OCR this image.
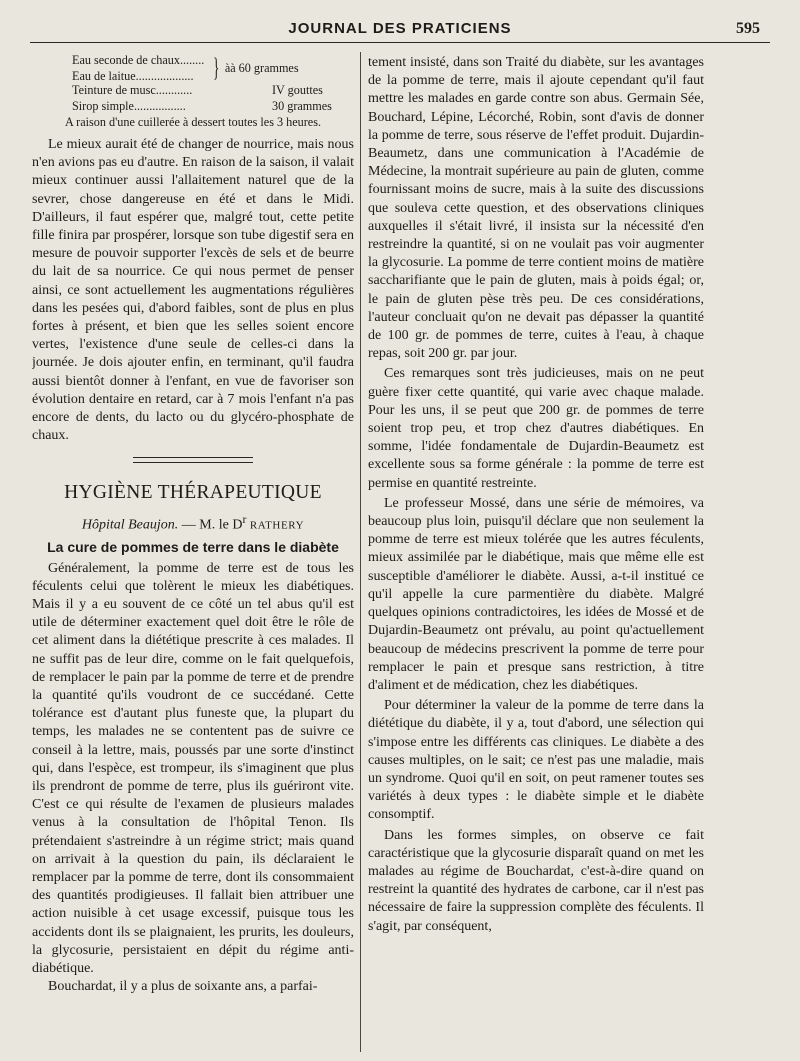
JOURNAL DES PRATICIENS	595
Eau seconde de chaux........
Eau de laitue................... } àà 60 grammes
Teinture de musc............	IV gouttes
Sirop simple.................	30 grammes
A raison d'une cuillerée à dessert toutes les 3 heures.

Le mieux aurait été de changer de nourrice, mais nous n'en avions pas eu d'autre. En raison de la saison, il valait mieux continuer aussi l'allaitement naturel que de la sevrer, chose dangereuse en été et dans le Midi. D'ailleurs, il faut espérer que, malgré tout, cette petite fille finira par prospérer, lorsque son tube digestif sera en mesure de pouvoir supporter l'excès de sels et de beurre du lait de sa nourrice. Ce qui nous permet de penser ainsi, ce sont actuellement les augmentations régulières dans les pesées qui, d'abord faibles, sont de plus en plus fortes à présent, et bien que les selles soient encore vertes, l'existence d'une seule de celles-ci dans la journée. Je dois ajouter enfin, en terminant, qu'il faudra aussi bientôt donner à l'enfant, en vue de favoriser son évolution dentaire en retard, car à 7 mois l'enfant n'a pas encore de dents, du lacto ou du glycéro-phosphate de chaux.

HYGIÈNE THÉRAPEUTIQUE
Hôpital Beaujon. — M. le $D^r$ RATHERY
La cure de pommes de terre dans le diabète

Généralement, la pomme de terre est de tous les féculents celui que tolèrent le mieux les diabétiques. Mais il y a eu souvent de ce côté un tel abus qu'il est utile de déterminer exactement quel doit être le rôle de cet aliment dans la diététique prescrite à ces malades. Il ne suffit pas de leur dire, comme on le fait quelquefois, de remplacer le pain par la pomme de terre et de prendre la quantité qu'ils voudront de ce succédané. Cette tolérance est d'autant plus funeste que, la plupart du temps, les malades ne se contentent pas de suivre ce conseil à la lettre, mais, poussés par une sorte d'instinct qui, dans l'espèce, est trompeur, ils s'imaginent que plus ils prendront de pomme de terre, plus ils guériront vite. C'est ce qui résulte de l'examen de plusieurs malades venus à la consultation de l'hôpital Tenon. Ils prétendaient s'astreindre à un régime strict; mais quand on arrivait à la question du pain, ils déclaraient le remplacer par la pomme de terre, dont ils consommaient des quantités prodigieuses. Il fallait bien attribuer une action nuisible à cet usage excessif, puisque tous les accidents dont ils se plaignaient, les prurits, les douleurs, la glycosurie, persistaient en dépit du régime anti-diabétique.

Bouchardat, il y a plus de soixante ans, a parfai-

tement insisté, dans son Traité du diabète, sur les avantages de la pomme de terre, mais il ajoute cependant qu'il faut mettre les malades en garde contre son abus. Germain Sée, Bouchard, Lépine, Lécorché, Robin, sont d'avis de donner la pomme de terre, sous réserve de l'effet produit. Dujardin-Beaumetz, dans une communication à l'Académie de Médecine, la montrait supérieure au pain de gluten, comme fournissant moins de sucre, mais à la suite des discussions que souleva cette question, et des observations cliniques auxquelles il s'était livré, il insista sur la nécessité d'en restreindre la quantité, si on ne voulait pas voir augmenter la glycosurie. La pomme de terre contient moins de matière saccharifiante que le pain de gluten, mais à poids égal; or, le pain de gluten pèse très peu. De ces considérations, l'auteur concluait qu'on ne devait pas dépasser la quantité de 100 gr. de pommes de terre, cuites à l'eau, à chaque repas, soit 200 gr. par jour.

Ces remarques sont très judicieuses, mais on ne peut guère fixer cette quantité, qui varie avec chaque malade. Pour les uns, il se peut que 200 gr. de pommes de terre soient trop peu, et trop chez d'autres diabétiques. En somme, l'idée fondamentale de Dujardin-Beaumetz est excellente sous sa forme générale : la pomme de terre est permise en quantité restreinte.

Le professeur Mossé, dans une série de mémoires, va beaucoup plus loin, puisqu'il déclare que non seulement la pomme de terre est mieux tolérée que les autres féculents, mieux assimilée par le diabétique, mais que même elle est susceptible d'améliorer le diabète. Aussi, a-t-il institué ce qu'il appelle la cure parmentière du diabète. Malgré quelques opinions contradictoires, les idées de Mossé et de Dujardin-Beaumetz ont prévalu, au point qu'actuellement beaucoup de médecins prescrivent la pomme de terre pour remplacer le pain et presque sans restriction, à titre d'aliment et de médication, chez les diabétiques.

Pour déterminer la valeur de la pomme de terre dans la diététique du diabète, il y a, tout d'abord, une sélection qui s'impose entre les différents cas cliniques. Le diabète a des causes multiples, on le sait; ce n'est pas une maladie, mais un syndrome. Quoi qu'il en soit, on peut ramener toutes ses variétés à deux types : le diabète simple et le diabète consomptif.

Dans les formes simples, on observe ce fait caractéristique que la glycosurie disparaît quand on met les malades au régime de Bouchardat, c'est-à-dire quand on restreint la quantité des hydrates de carbone, car il n'est pas nécessaire de faire la suppression complète des féculents. Il s'agit, par conséquent,
